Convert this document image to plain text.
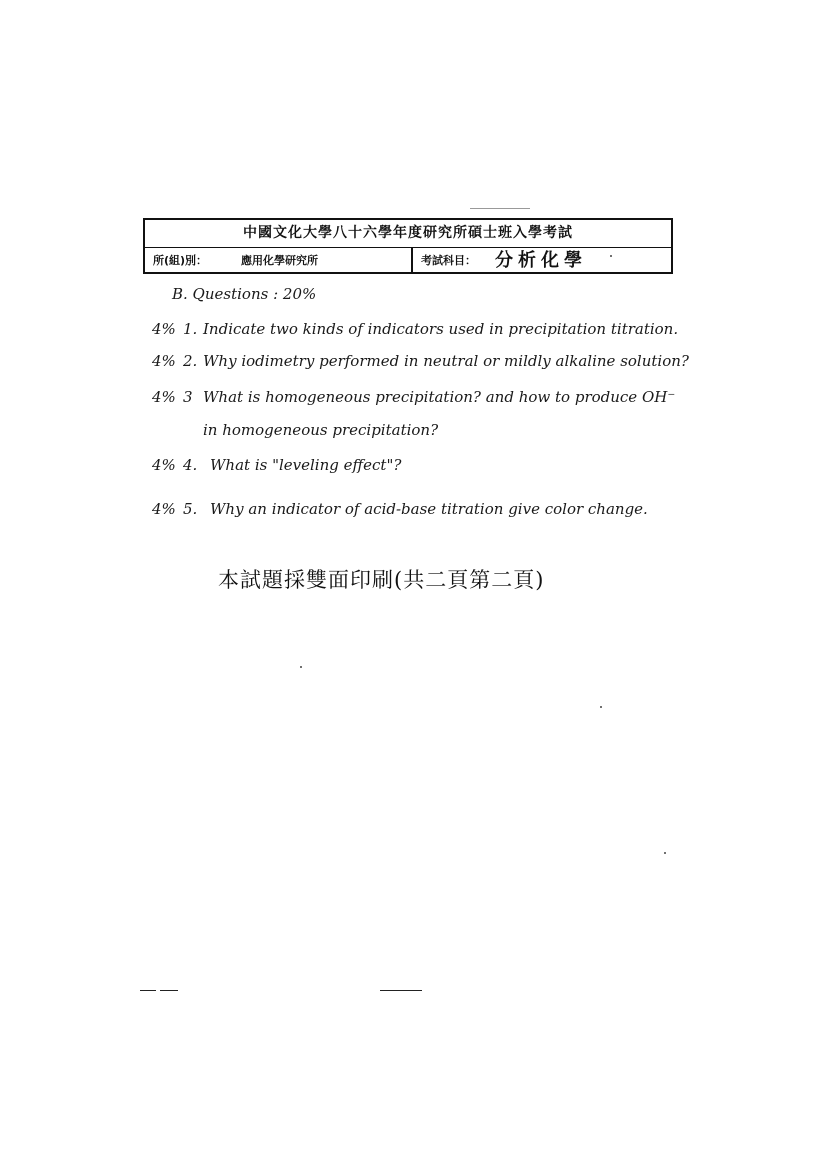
中國文化大學八十六學年度研究所碩士班入學考試
所(組)別：	應用化學研究所	考試科目： 分析化學
B. Questions : 20%
4% 1. Indicate two kinds of indicators used in precipitation titration.
4% 2. Why iodimetry performed in neutral or mildly alkaline solution?
4% 3 What is homogeneous precipitation? and how to produce OH⁻
in homogeneous precipitation?
4% 4. What is "leveling effect"?
4% 5. Why an indicator of acid-base titration give color change.
本試題採雙面印刷(共二頁第二頁)
